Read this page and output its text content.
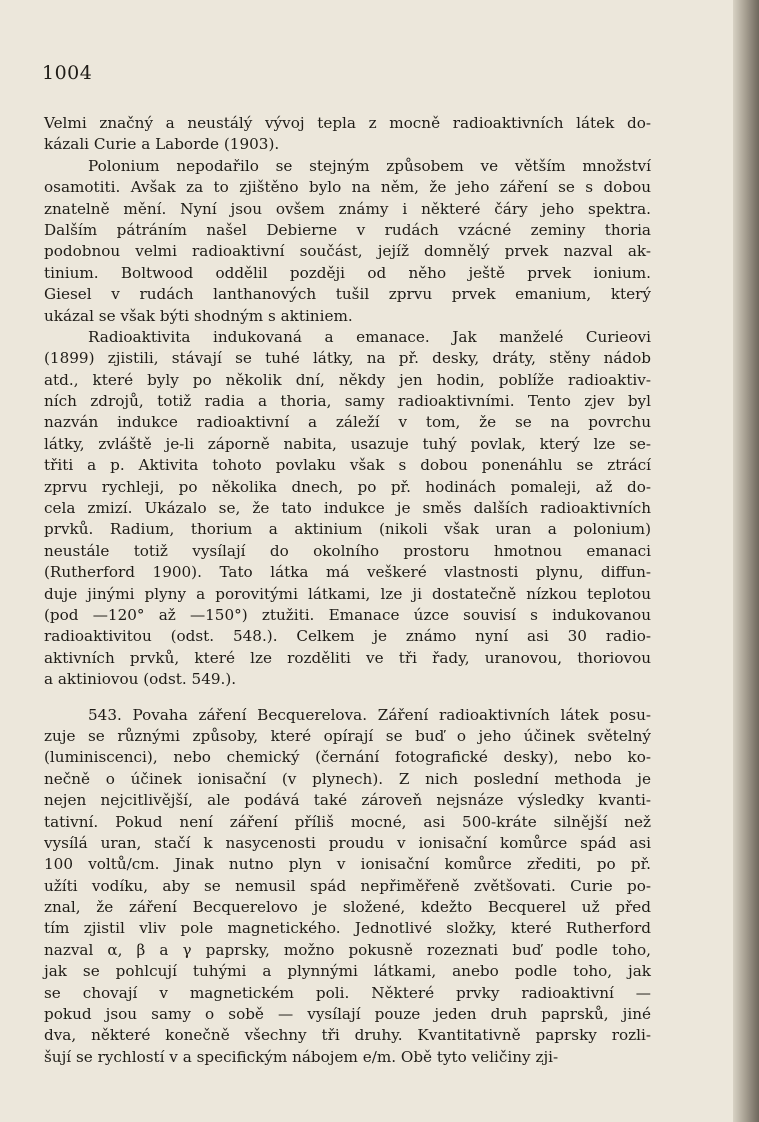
1004
Velmi značný a neustálý vývoj tepla z mocně radioaktivních látek do-
kázali Curie a Laborde (1903).
Polonium nepodařilo se stejným způsobem ve větším množství
osamotiti. Avšak za to zjištěno bylo na něm, že jeho záření se s dobou
znatelně mění. Nyní jsou ovšem známy i některé čáry jeho spektra.
Dalším pátráním našel Debierne v rudách vzácné zeminy thoria
podobnou velmi radioaktivní součást, jejíž domnělý prvek nazval ak-
tinium. Boltwood oddělil později od něho ještě prvek ionium.
Giesel v rudách lanthanových tušil zprvu prvek emanium, který
ukázal se však býti shodným s aktiniem.
Radioaktivita indukovaná a emanace. Jak manželé Curieovi
(1899) zjistili, stávají se tuhé látky, na př. desky, dráty, stěny nádob
atd., které byly po několik dní, někdy jen hodin, poblíže radioaktiv-
ních zdrojů, totiž radia a thoria, samy radioaktivními. Tento zjev byl
nazván indukce radioaktivní a záleží v tom, že se na povrchu
látky, zvláště je-li záporně nabita, usazuje tuhý povlak, který lze se-
třiti a p. Aktivita tohoto povlaku však s dobou ponenáhlu se ztrácí
zprvu rychleji, po několika dnech, po př. hodinách pomaleji, až do-
cela zmizí. Ukázalo se, že tato indukce je směs dalších radioaktivních
prvků. Radium, thorium a aktinium (nikoli však uran a polonium)
neustále totiž vysílají do okolního prostoru hmotnou emanaci
(Rutherford 1900). Tato látka má veškeré vlastnosti plynu, diffun-
duje jinými plyny a porovitými látkami, lze ji dostatečně nízkou teplotou
(pod —120° až —150°) ztužiti. Emanace úzce souvisí s indukovanou
radioaktivitou (odst. 548.). Celkem je známo nyní asi 30 radio-
aktivních prvků, které lze rozděliti ve tři řady, uranovou, thoriovou
a aktiniovou (odst. 549.).
543. Povaha záření Becquerelova. Záření radioaktivních látek posu-
zuje se různými způsoby, které opírají se buď o jeho účinek světelný
(luminiscenci), nebo chemický (černání fotografické desky), nebo ko-
nečně o účinek ionisační (v plynech). Z nich poslední methoda je
nejen nejcitlivější, ale podává také zároveň nejsnáze výsledky kvanti-
tativní. Pokud není záření příliš mocné, asi 500-kráte silnější než
vysílá uran, stačí k nasycenosti proudu v ionisační komůrce spád asi
100 voltů/cm. Jinak nutno plyn v ionisační komůrce zřediti, po př.
užíti vodíku, aby se nemusil spád nepřiměřeně zvětšovati. Curie po-
znal, že záření Becquerelovo je složené, kdežto Becquerel už před
tím zjistil vliv pole magnetického. Jednotlivé složky, které Rutherford
nazval α, β a γ paprsky, možno pokusně rozeznati buď podle toho,
jak se pohlcují tuhými a plynnými látkami, anebo podle toho, jak
se chovají v magnetickém poli. Některé prvky radioaktivní —
pokud jsou samy o sobě — vysílají pouze jeden druh paprsků, jiné
dva, některé konečně všechny tři druhy. Kvantitativně paprsky rozli-
šují se rychlostí v a specifickým nábojem e/m. Obě tyto veličiny zji-
